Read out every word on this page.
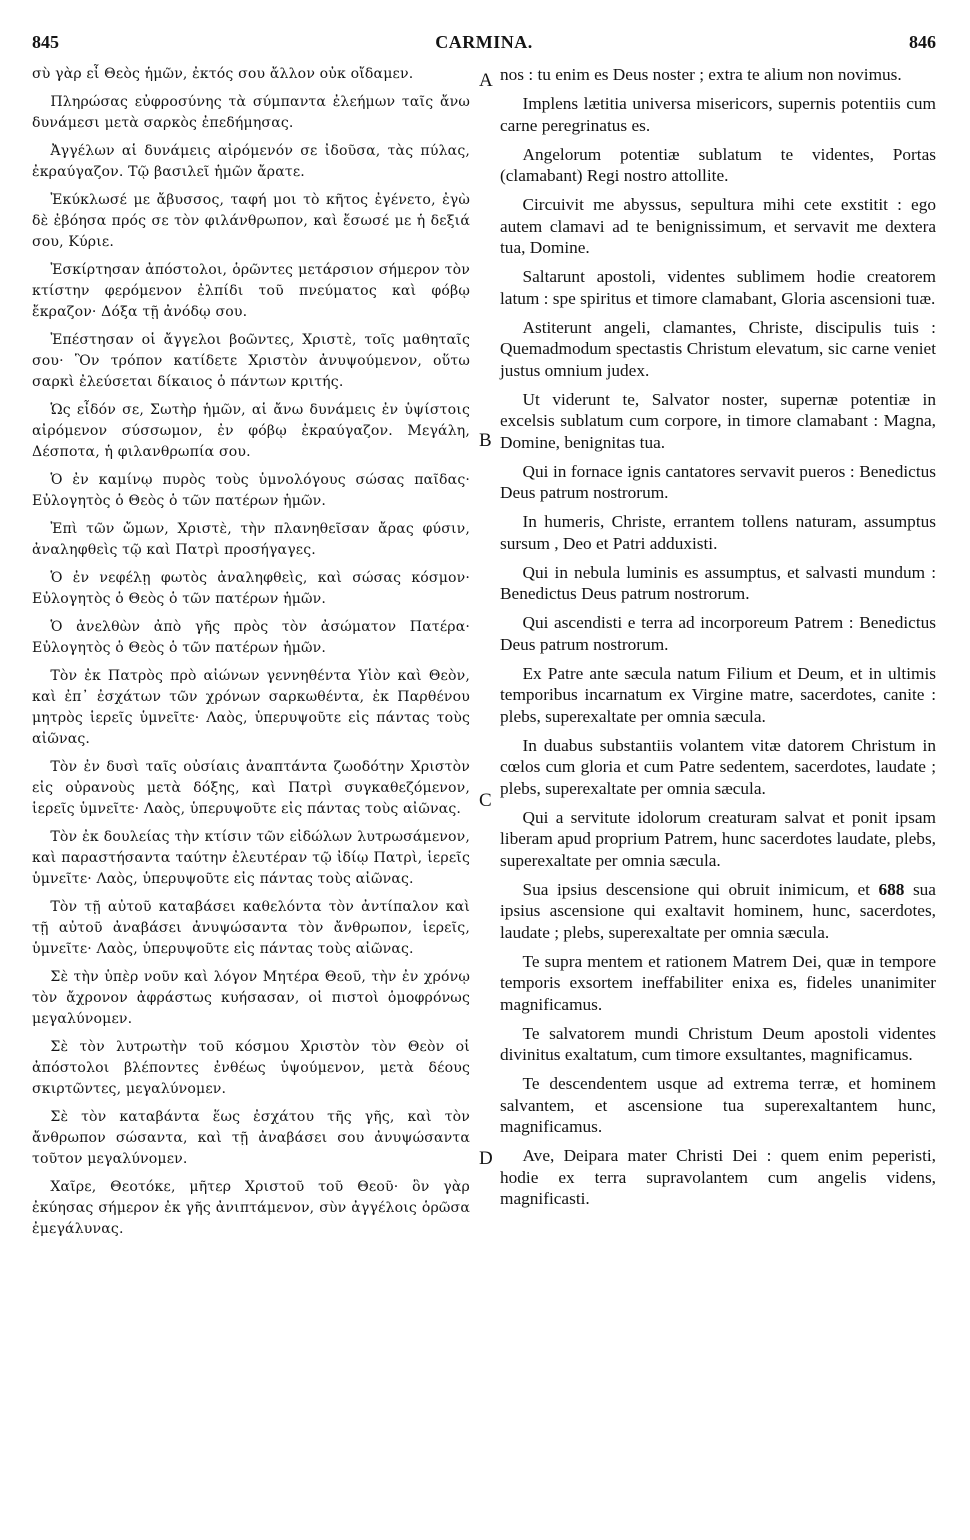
845	CARMINA.	846

σὺ γὰρ εἶ Θεὸς ἡμῶν, ἐκτός σου ἄλλον οὐκ οἴδαμεν.

Πληρώσας εὐφροσύνης τὰ σύμπαντα ἐλεήμων ταῖς ἄνω δυνάμεσι μετὰ σαρκὸς ἐπεδήμησας.

Ἀγγέλων αἱ δυνάμεις αἰρόμενόν σε ἰδοῦσα, τὰς πύλας, ἐκραύγαζον. Τῷ βασιλεῖ ἡμῶν ἄρατε.

Ἐκύκλωσέ με ἄβυσσος, ταφή μοι τὸ κῆτος ἐγένετο, ἐγὼ δὲ ἐβόησα πρός σε τὸν φιλάνθρωπον, καὶ ἔσωσέ με ἡ δεξιά σου, Κύριε.

Ἐσκίρτησαν ἀπόστολοι, ὁρῶντες μετάρσιον σήμερον τὸν κτίστην φερόμενον ἐλπίδι τοῦ πνεύματος καὶ φόβῳ ἔκραζον· Δόξα τῇ ἀνόδῳ σου.

Ἐπέστησαν οἱ ἄγγελοι βοῶντες, Χριστὲ, τοῖς μαθηταῖς σου· Ὃν τρόπον κατίδετε Χριστὸν ἀνυψούμενον, οὕτω σαρκὶ ἐλεύσεται δίκαιος ὁ πάντων κριτής.

Ὡς εἶδόν σε, Σωτὴρ ἡμῶν, αἱ ἄνω δυνάμεις ἐν ὑψίστοις αἰρόμενον σύσσωμον, ἐν φόβῳ ἐκραύγαζον. Μεγάλη, Δέσποτα, ἡ φιλανθρωπία σου.

Ὁ ἐν καμίνῳ πυρὸς τοὺς ὑμνολόγους σώσας παῖδας· Εὐλογητὸς ὁ Θεὸς ὁ τῶν πατέρων ἡμῶν.

Ἐπὶ τῶν ὤμων, Χριστὲ, τὴν πλανηθεῖσαν ἄρας φύσιν, ἀναληφθεὶς τῷ καὶ Πατρὶ προσήγαγες.

Ὁ ἐν νεφέλῃ φωτὸς ἀναληφθεὶς, καὶ σώσας κόσμον· Εὐλογητὸς ὁ Θεὸς ὁ τῶν πατέρων ἡμῶν.

Ὁ ἀνελθὼν ἀπὸ γῆς πρὸς τὸν ἀσώματον Πατέρα· Εὐλογητὸς ὁ Θεὸς ὁ τῶν πατέρων ἡμῶν.

Τὸν ἐκ Πατρὸς πρὸ αἰώνων γεννηθέντα Υἱὸν καὶ Θεὸν, καὶ ἐπ᾽ ἐσχάτων τῶν χρόνων σαρκωθέντα, ἐκ Παρθένου μητρὸς ἱερεῖς ὑμνεῖτε· Λαὸς, ὑπερυψοῦτε εἰς πάντας τοὺς αἰῶνας.

Τὸν ἐν δυσὶ ταῖς οὐσίαις ἀναπτάντα ζωοδότην Χριστὸν εἰς οὐρανοὺς μετὰ δόξης, καὶ Πατρὶ συγκαθεζόμενον, ἱερεῖς ὑμνεῖτε· Λαὸς, ὑπερυψοῦτε εἰς πάντας τοὺς αἰῶνας.

Τὸν ἐκ δουλείας τὴν κτίσιν τῶν εἰδώλων λυτρωσάμενον, καὶ παραστήσαντα ταύτην ἐλευτέραν τῷ ἰδίῳ Πατρὶ, ἱερεῖς ὑμνεῖτε· Λαὸς, ὑπερυψοῦτε εἰς πάντας τοὺς αἰῶνας.

Τὸν τῇ αὐτοῦ καταβάσει καθελόντα τὸν ἀντίπαλον καὶ τῇ αὐτοῦ ἀναβάσει ἀνυψώσαντα τὸν ἄνθρωπον, ἱερεῖς, ὑμνεῖτε· Λαὸς, ὑπερυψοῦτε εἰς πάντας τοὺς αἰῶνας.

Σὲ τὴν ὑπὲρ νοῦν καὶ λόγον Μητέρα Θεοῦ, τὴν ἐν χρόνῳ τὸν ἄχρονον ἀφράστως κυήσασαν, οἱ πιστοὶ ὁμοφρόνως μεγαλύνομεν.

Σὲ τὸν λυτρωτὴν τοῦ κόσμου Χριστὸν τὸν Θεὸν οἱ ἀπόστολοι βλέποντες ἐνθέως ὑψούμενον, μετὰ δέους σκιρτῶντες, μεγαλύνομεν.

Σὲ τὸν καταβάντα ἕως ἐσχάτου τῆς γῆς, καὶ τὸν ἄνθρωπον σώσαντα, καὶ τῇ ἀναβάσει σου ἀνυψώσαντα τοῦτον μεγαλύνομεν.

Χαῖρε, Θεοτόκε, μῆτερ Χριστοῦ τοῦ Θεοῦ· ὃν γὰρ ἐκύησας σήμερον ἐκ γῆς ἀνιπτάμενον, σὺν ἀγγέλοις ὁρῶσα ἐμεγάλυνας.

nos : tu enim es Deus noster ; extra te alium non novimus.

Implens lætitia universa misericors, supernis potentiis cum carne peregrinatus es.

Angelorum potentiæ sublatum te videntes, Portas (clamabant) Regi nostro attollite.

Circuivit me abyssus, sepultura mihi cete exstitit : ego autem clamavi ad te benignissimum, et servavit me dextera tua, Domine.

Saltarunt apostoli, videntes sublimem hodie creatorem latum : spe spiritus et timore clamabant, Gloria ascensioni tuæ.

Astiterunt angeli, clamantes, Christe, discipulis tuis : Quemadmodum spectastis Christum elevatum, sic carne veniet justus omnium judex.

Ut viderunt te, Salvator noster, supernæ potentiæ in excelsis sublatum cum corpore, in timore clamabant : Magna, Domine, benignitas tua.

Qui in fornace ignis cantatores servavit pueros : Benedictus Deus patrum nostrorum.

In humeris, Christe, errantem tollens naturam, assumptus sursum , Deo et Patri adduxisti.

Qui in nebula luminis es assumptus, et salvasti mundum : Benedictus Deus patrum nostrorum.

Qui ascendisti e terra ad incorporeum Patrem : Benedictus Deus patrum nostrorum.

Ex Patre ante sæcula natum Filium et Deum, et in ultimis temporibus incarnatum ex Virgine matre, sacerdotes, canite : plebs, superexaltate per omnia sæcula.

In duabus substantiis volantem vitæ datorem Christum in cœlos cum gloria et cum Patre sedentem, sacerdotes, laudate ; plebs, superexaltate per omnia sæcula.

Qui a servitute idolorum creaturam salvat et ponit ipsam liberam apud proprium Patrem, hunc sacerdotes laudate, plebs, superexaltate per omnia sæcula.

Sua ipsius descensione qui obruit inimicum, et 688 sua ipsius ascensione qui exaltavit hominem, hunc, sacerdotes, laudate ; plebs, superexaltate per omnia sæcula.

Te supra mentem et rationem Matrem Dei, quæ in tempore temporis exsortem ineffabiliter enixa es, fideles unanimiter magnificamus.

Te salvatorem mundi Christum Deum apostoli videntes divinitus exaltatum, cum timore exsultantes, magnificamus.

Te descendentem usque ad extrema terræ, et hominem salvantem, et ascensione tua superexaltantem hunc, magnificamus.

Ave, Deipara mater Christi Dei : quem enim peperisti, hodie ex terra supravolantem cum angelis videns, magnificasti.

A
B
C
D
